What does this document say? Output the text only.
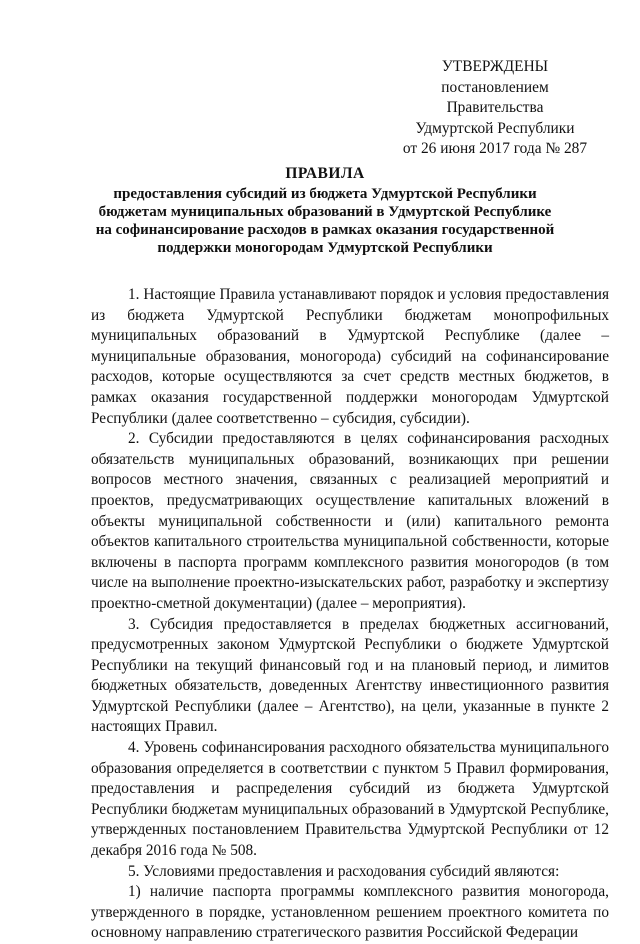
УТВЕРЖДЕНЫ
постановлением Правительства
Удмуртской Республики
от 26 июня 2017 года № 287
ПРАВИЛА
предоставления субсидий из бюджета Удмуртской Республики
бюджетам муниципальных образований в Удмуртской Республике
на софинансирование расходов в рамках оказания государственной
поддержки моногородам Удмуртской Республики

1. Настоящие Правила устанавливают порядок и условия предоставления из бюджета Удмуртской Республики бюджетам монопрофильных муниципальных образований в Удмуртской Республике (далее – муниципальные образования, моногорода) субсидий на софинансирование расходов, которые осуществляются за счет средств местных бюджетов, в рамках оказания государственной поддержки моногородам Удмуртской Республики (далее соответственно – субсидия, субсидии).

2. Субсидии предоставляются в целях софинансирования расходных обязательств муниципальных образований, возникающих при решении вопросов местного значения, связанных с реализацией мероприятий и проектов, предусматривающих осуществление капитальных вложений в объекты муниципальной собственности и (или) капитального ремонта объектов капитального строительства муниципальной собственности, которые включены в паспорта программ комплексного развития моногородов (в том числе на выполнение проектно-изыскательских работ, разработку и экспертизу проектно-сметной документации) (далее – мероприятия).

3. Субсидия предоставляется в пределах бюджетных ассигнований, предусмотренных законом Удмуртской Республики о бюджете Удмуртской Республики на текущий финансовый год и на плановый период, и лимитов бюджетных обязательств, доведенных Агентству инвестиционного развития Удмуртской Республики (далее – Агентство), на цели, указанные в пункте 2 настоящих Правил.

4. Уровень софинансирования расходного обязательства муниципального образования определяется в соответствии с пунктом 5 Правил формирования, предоставления и распределения субсидий из бюджета Удмуртской Республики бюджетам муниципальных образований в Удмуртской Республике, утвержденных постановлением Правительства Удмуртской Республики от 12 декабря 2016 года № 508.

5. Условиями предоставления и расходования субсидий являются:

1) наличие паспорта программы комплексного развития моногорода, утвержденного в порядке, установленном решением проектного комитета по основному направлению стратегического развития Российской Федерации
